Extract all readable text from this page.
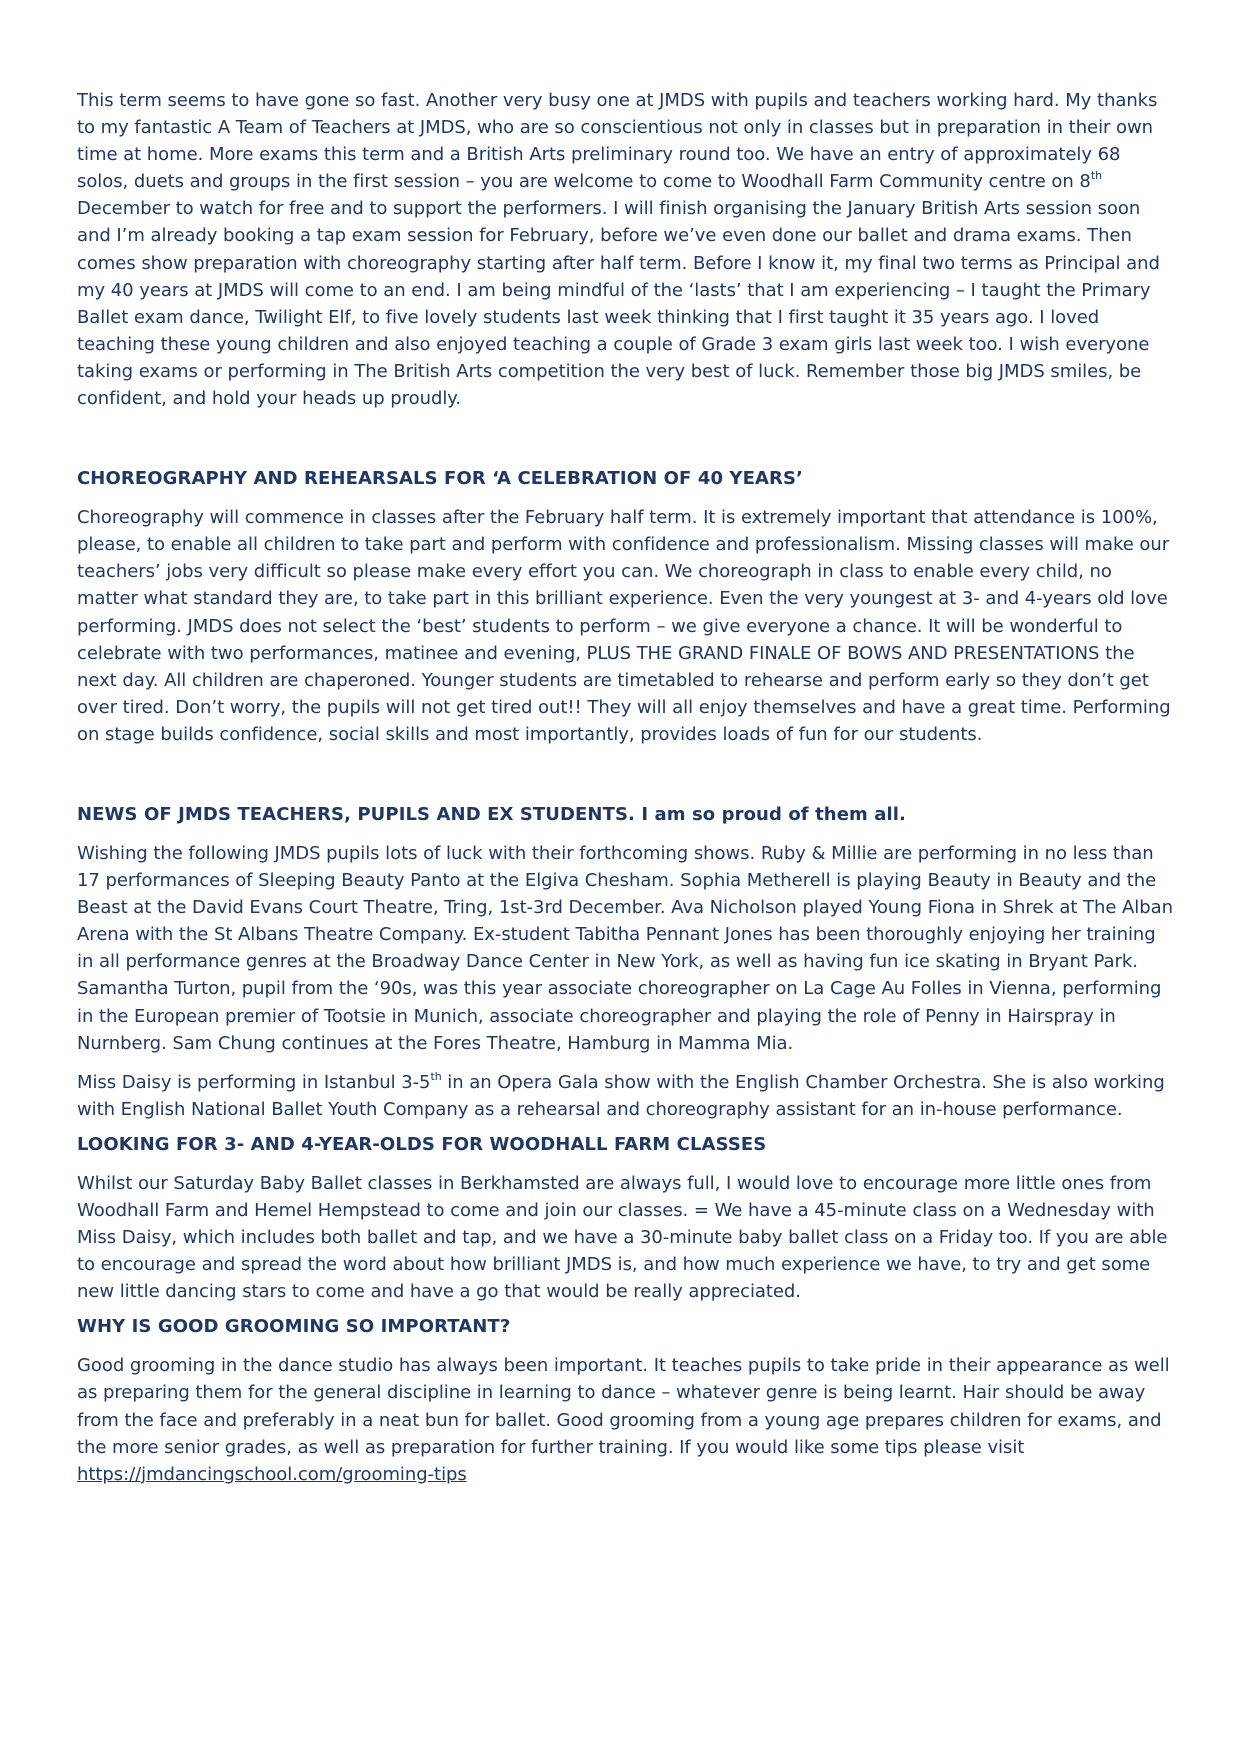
This term seems to have gone so fast. Another very busy one at JMDS with pupils and teachers working hard. My thanks to my fantastic A Team of Teachers at JMDS, who are so conscientious not only in classes but in preparation in their own time at home. More exams this term and a British Arts preliminary round too. We have an entry of approximately 68 solos, duets and groups in the first session – you are welcome to come to Woodhall Farm Community centre on 8th December to watch for free and to support the performers. I will finish organising the January British Arts session soon and I’m already booking a tap exam session for February, before we’ve even done our ballet and drama exams. Then comes show preparation with choreography starting after half term. Before I know it, my final two terms as Principal and my 40 years at JMDS will come to an end. I am being mindful of the ‘lasts’ that I am experiencing – I taught the Primary Ballet exam dance, Twilight Elf, to five lovely students last week thinking that I first taught it 35 years ago. I loved teaching these young children and also enjoyed teaching a couple of Grade 3 exam girls last week too. I wish everyone taking exams or performing in The British Arts competition the very best of luck. Remember those big JMDS smiles, be confident, and hold your heads up proudly.

CHOREOGRAPHY AND REHEARSALS FOR ‘A CELEBRATION OF 40 YEARS’

Choreography will commence in classes after the February half term. It is extremely important that attendance is 100%, please, to enable all children to take part and perform with confidence and professionalism. Missing classes will make our teachers’ jobs very difficult so please make every effort you can. We choreograph in class to enable every child, no matter what standard they are, to take part in this brilliant experience. Even the very youngest at 3- and 4-years old love performing. JMDS does not select the ‘best’ students to perform – we give everyone a chance. It will be wonderful to celebrate with two performances, matinee and evening, PLUS THE GRAND FINALE OF BOWS AND PRESENTATIONS the next day. All children are chaperoned. Younger students are timetabled to rehearse and perform early so they don’t get over tired. Don’t worry, the pupils will not get tired out!! They will all enjoy themselves and have a great time. Performing on stage builds confidence, social skills and most importantly, provides loads of fun for our students.

NEWS OF JMDS TEACHERS, PUPILS AND EX STUDENTS. I am so proud of them all.

Wishing the following JMDS pupils lots of luck with their forthcoming shows. Ruby & Millie are performing in no less than 17 performances of Sleeping Beauty Panto at the Elgiva Chesham. Sophia Metherell is playing Beauty in Beauty and the Beast at the David Evans Court Theatre, Tring, 1st-3rd December. Ava Nicholson played Young Fiona in Shrek at The Alban Arena with the St Albans Theatre Company. Ex-student Tabitha Pennant Jones has been thoroughly enjoying her training in all performance genres at the Broadway Dance Center in New York, as well as having fun ice skating in Bryant Park. Samantha Turton, pupil from the ‘90s, was this year associate choreographer on La Cage Au Folles in Vienna, performing in the European premier of Tootsie in Munich, associate choreographer and playing the role of Penny in Hairspray in Nurnberg. Sam Chung continues at the Fores Theatre, Hamburg in Mamma Mia.

Miss Daisy is performing in Istanbul 3-5th in an Opera Gala show with the English Chamber Orchestra. She is also working with English National Ballet Youth Company as a rehearsal and choreography assistant for an in-house performance.

LOOKING FOR 3- AND 4-YEAR-OLDS FOR WOODHALL FARM CLASSES

Whilst our Saturday Baby Ballet classes in Berkhamsted are always full, I would love to encourage more little ones from Woodhall Farm and Hemel Hempstead to come and join our classes. = We have a 45-minute class on a Wednesday with Miss Daisy, which includes both ballet and tap, and we have a 30-minute baby ballet class on a Friday too. If you are able to encourage and spread the word about how brilliant JMDS is, and how much experience we have, to try and get some new little dancing stars to come and have a go that would be really appreciated.

WHY IS GOOD GROOMING SO IMPORTANT?

Good grooming in the dance studio has always been important. It teaches pupils to take pride in their appearance as well as preparing them for the general discipline in learning to dance – whatever genre is being learnt. Hair should be away from the face and preferably in a neat bun for ballet. Good grooming from a young age prepares children for exams, and the more senior grades, as well as preparation for further training. If you would like some tips please visit
https://jmdancingschool.com/grooming-tips
